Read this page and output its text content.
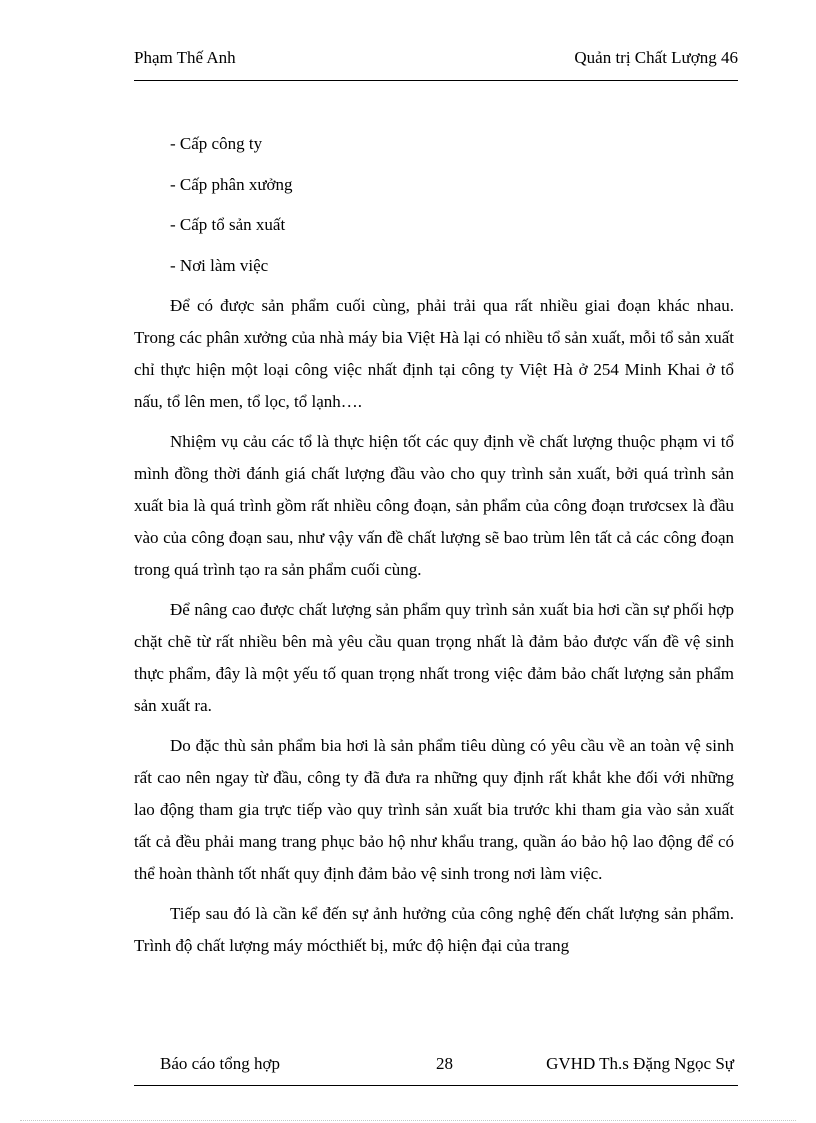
Phạm Thế Anh	Quản trị Chất Lượng 46
- Cấp công ty
- Cấp phân xưởng
- Cấp tổ sản xuất
- Nơi làm việc

Để có được sản phẩm cuối cùng, phải trải qua rất nhiều giai đoạn khác nhau. Trong các phân xưởng của nhà máy bia Việt Hà lại có nhiều tổ sản xuất, mỗi tổ sản xuất chỉ thực hiện một loại công việc nhất định tại công ty Việt Hà ở 254 Minh Khai ở tổ nấu, tổ lên men, tổ lọc, tổ lạnh….

Nhiệm vụ cảu các tổ là thực hiện tốt các quy định về chất lượng thuộc phạm vi tổ mình đồng thời đánh giá chất lượng đầu vào cho quy trình sản xuất, bởi quá trình sản xuất bia là quá trình gồm rất nhiều công đoạn, sản phẩm của công đoạn trươcsex là đầu vào của công đoạn sau, như vậy vấn đề chất lượng sẽ bao trùm lên tất cả các công đoạn trong quá trình tạo ra sản phẩm cuối cùng.

Để nâng cao được chất lượng sản phẩm quy trình sản xuất bia hơi cần sự phối hợp chặt chẽ từ rất nhiều bên mà yêu cầu quan trọng nhất là đảm bảo được vấn đề vệ sinh thực phẩm, đây là một yếu tố quan trọng nhất trong việc đảm bảo chất lượng sản phẩm sản xuất ra.

Do đặc thù sản phẩm bia hơi là sản phẩm tiêu dùng có yêu cầu về an toàn vệ sinh rất cao nên ngay từ đầu, công ty đã đưa ra những quy định rất khắt khe đối với những lao động tham gia trực tiếp vào quy trình sản xuất bia trước khi tham gia vào sản xuất tất cả đều phải mang trang phục bảo hộ như khẩu trang, quần áo bảo hộ lao động để có thể hoàn thành tốt nhất quy định đảm bảo vệ sinh trong nơi làm việc.

Tiếp sau đó là cần kể đến sự ảnh hưởng của công nghệ đến chất lượng sản phẩm. Trình độ chất lượng máy mócthiết bị, mức độ hiện đại của trang

Báo cáo tổng hợp	28	GVHD Th.s Đặng Ngọc Sự
